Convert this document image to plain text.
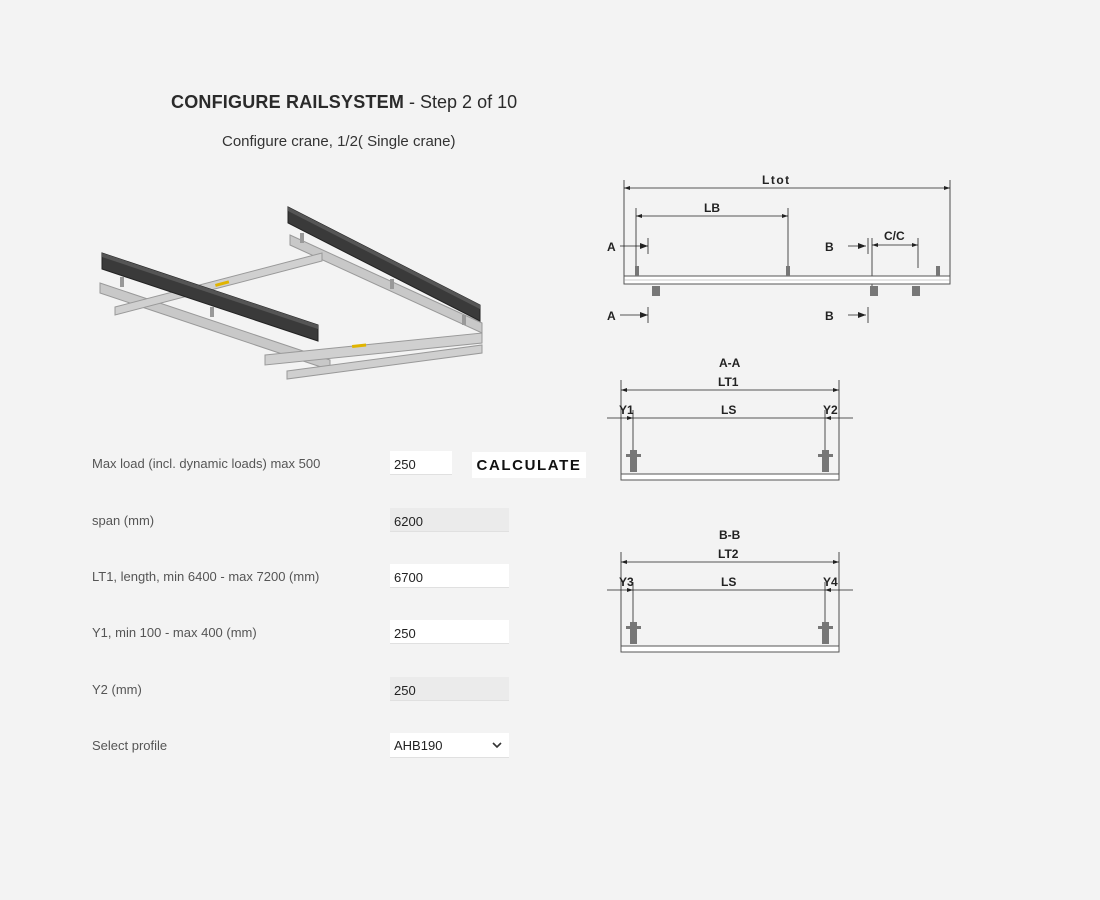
CONFIGURE RAILSYSTEM - Step 2 of 10
Configure crane, 1/2( Single crane)
Max load (incl. dynamic loads) max 500
250	CALCULATE
span (mm)
6200
LT1, length, min 6400 - max 7200 (mm)
6700
Y1, min 100 - max 400 (mm)
250
Y2 (mm)
250
Select profile	AHB190
Ltot
LB
C/C
A
A
B
B
A-A
LT1
Y1	LS	Y2
B-B
LT2
Y3	LS	Y4
